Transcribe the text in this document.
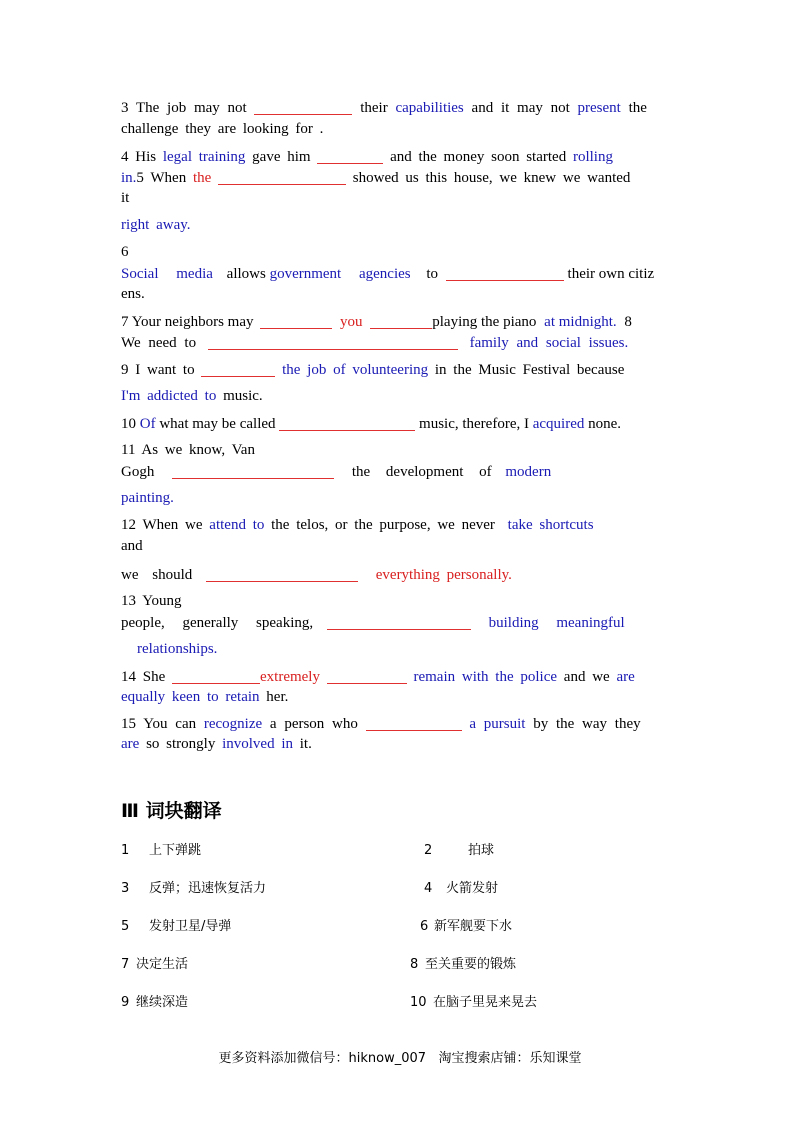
3 The job may not	their capabilities and it may not present the
challenge they are looking for .
4 His legal training gave him	and the money soon started rolling
in.5 When the	showed us this house, we knew we wanted
it
right away.
6
Social media allows government agencies to	their own citiz
ens.
7 Your neighbors may	you	playing the piano at midnight. 8
We need to	family and social issues.
9 I want to	the job of volunteering in the Music Festival because
I'm addicted to music.
10 Of what may be called	music, therefore, I acquired none.
11 As we know, Van
Gogh	the development of modern
painting.
12 When we attend to the telos, or the purpose, we never take shortcuts
and
we should	everything personally.
13 Young
people, generally speaking,	building meaningful
relationships.
14 She	extremely	remain with the police and we are
equally keen to retain her.
15 You can recognize a person who	a pursuit by the way they
are so strongly involved in it.
Ⅲ 词块翻译
1 上下弹跳	2	拍球
3 反弹；迅速恢复活力	4 火箭发射
5 发射卫星/导弹	6 新军舰要下水
7 决定生活	8 至关重要的锻炼
9 继续深造	10 在脑子里晃来晃去
更多资料添加微信号：hiknow_007   淘宝搜索店铺：乐知课堂
